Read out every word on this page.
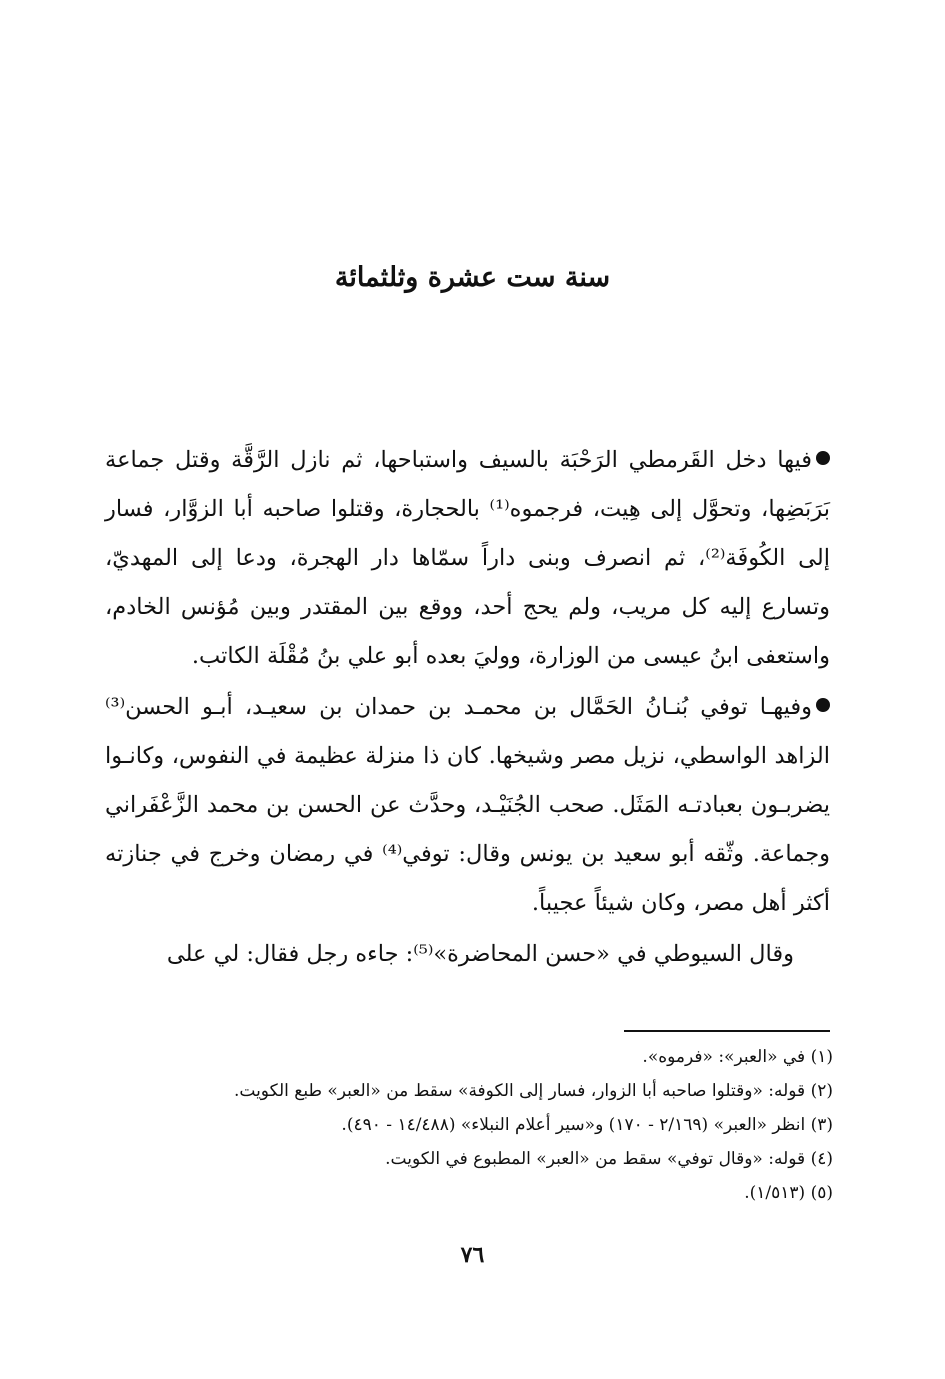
سنة ست عشرة وثلثمائة

فيها دخل القَرمطي الرَحْبَة بالسيف واستباحها، ثم نازل الرَّقَّة وقتل جماعة بَرَبَضِها، وتحوَّل إلى هِيت، فرجموه⁽¹⁾ بالحجارة، وقتلوا صاحبه أبا الزوَّار، فسار إلى الكُوفَة⁽²⁾، ثم انصرف وبنى داراً سمّاها دار الهجرة، ودعا إلى المهديّ، وتسارع إليه كل مريب، ولم يحج أحد، ووقع بين المقتدر وبين مُؤنس الخادم، واستعفى ابنُ عيسى من الوزارة، ووليَ بعده أبو علي بنُ مُقْلَة الكاتب.

وفيهـا توفي بُنـانُ الحَمَّال بن محمـد بن حمدان بن سعيـد، أبـو الحسن⁽³⁾ الزاهد الواسطي، نزيل مصر وشيخها. كان ذا منزلة عظيمة في النفوس، وكانـوا يضربـون بعبادتـه المَثَل. صحب الجُنَيْـد، وحدَّث عن الحسن بن محمد الزَّعْفَراني وجماعة. وثّقه أبو سعيد بن يونس وقال: توفي⁽⁴⁾ في رمضان وخرج في جنازته أكثر أهل مصر، وكان شيئاً عجيباً.

وقال السيوطي في «حسن المحاضرة»⁽⁵⁾: جاءه رجل فقال: لي على

(١) في «العبر»: «فرموه».
(٢) قوله: «وقتلوا صاحبه أبا الزوار، فسار إلى الكوفة» سقط من «العبر» طبع الكويت.
(٣) انظر «العبر» (٢/١٦٩ - ١٧٠) و«سير أعلام النبلاء» (١٤/٤٨٨ - ٤٩٠).
(٤) قوله: «وقال توفي» سقط من «العبر» المطبوع في الكويت.
(٥) (١/٥١٣).
٧٦
